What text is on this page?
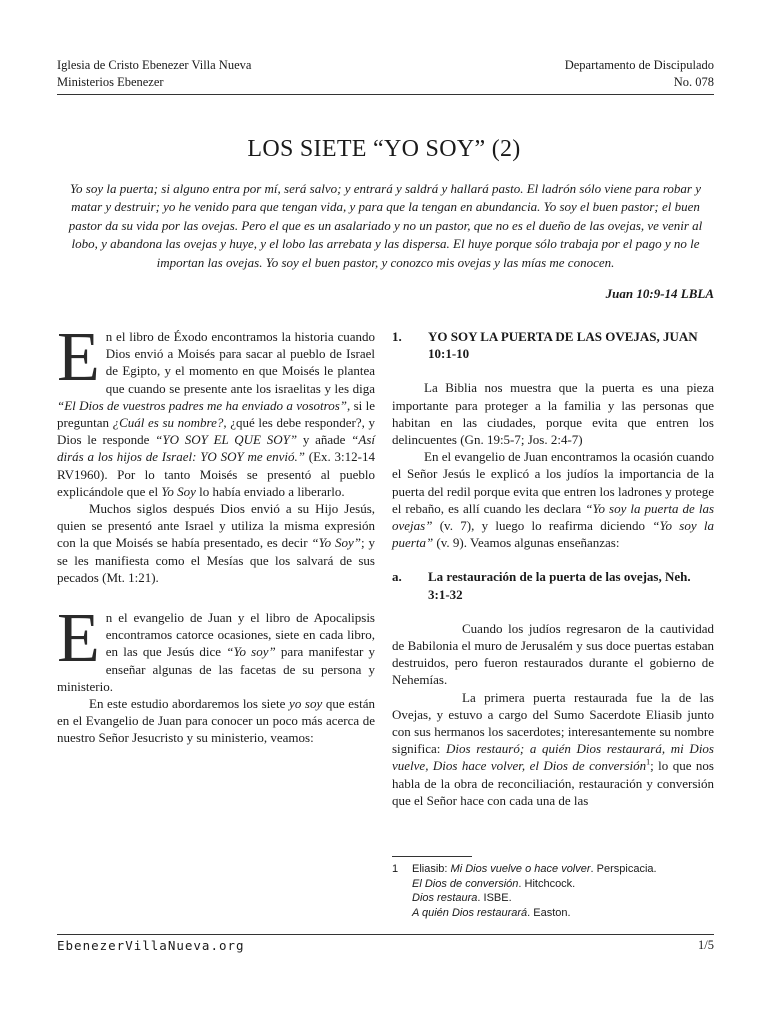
Iglesia de Cristo Ebenezer Villa Nueva
Ministerios Ebenezer
Departamento de Discipulado
No. 078
LOS SIETE “YO SOY” (2)
Yo soy la puerta; si alguno entra por mí, será salvo; y entrará y saldrá y hallará pasto. El ladrón sólo viene para robar y matar y destruir; yo he venido para que tengan vida, y para que la tengan en abundancia. Yo soy el buen pastor; el buen pastor da su vida por las ovejas. Pero el que es un asalariado y no un pastor, que no es el dueño de las ovejas, ve venir al lobo, y abandona las ovejas y huye, y el lobo las arrebata y las dispersa. El huye porque sólo trabaja por el pago y no le importan las ovejas. Yo soy el buen pastor, y conozco mis ovejas y las mías me conocen.
Juan 10:9-14 LBLA

En el libro de Éxodo encontramos la historia cuando Dios envió a Moisés para sacar al pueblo de Israel de Egipto, y el momento en que Moisés le plantea que cuando se presente ante los israelitas y les diga “El Dios de vuestros padres me ha enviado a vosotros”, si le preguntan ¿Cuál es su nombre?, ¿qué les debe responder?, y Dios le responde “YO SOY EL QUE SOY” y añade “Así dirás a los hijos de Israel: YO SOY me envió.” (Ex. 3:12-14 RV1960). Por lo tanto Moisés se presentó al pueblo explicándole que el Yo Soy lo había enviado a liberarlo.

Muchos siglos después Dios envió a su Hijo Jesús, quien se presentó ante Israel y utiliza la misma expresión con la que Moisés se había presentado, es decir “Yo Soy”; y se les manifiesta como el Mesías que los salvará de sus pecados (Mt. 1:21).

En el evangelio de Juan y el libro de Apocalipsis encontramos catorce ocasiones, siete en cada libro, en las que Jesús dice “Yo soy” para manifestar y enseñar algunas de las facetas de su persona y ministerio.

En este estudio abordaremos los siete yo soy que están en el Evangelio de Juan para conocer un poco más acerca de nuestro Señor Jesucristo y su ministerio, veamos:

1.	YO SOY LA PUERTA DE LAS OVEJAS, JUAN 10:1-10

La Biblia nos muestra que la puerta es una pieza importante para proteger a la familia y las personas que habitan en las ciudades, porque evita que entren los delincuentes (Gn. 19:5-7; Jos. 2:4-7)

En el evangelio de Juan encontramos la ocasión cuando el Señor Jesús le explicó a los judíos la importancia de la puerta del redil porque evita que entren los ladrones y protege el rebaño, es allí cuando les declara “Yo soy la puerta de las ovejas” (v. 7), y luego lo reafirma diciendo “Yo soy la puerta” (v. 9). Veamos algunas enseñanzas:

a.	La restauración de la puerta de las ovejas, Neh. 3:1-32

Cuando los judíos regresaron de la cautividad de Babilonia el muro de Jerusalém y sus doce puertas estaban destruidos, pero fueron restaurados durante el gobierno de Nehemías.

La primera puerta restaurada fue la de las Ovejas, y estuvo a cargo del Sumo Sacerdote Eliasib junto con sus hermanos los sacerdotes; interesantemente su nombre significa: Dios restauró; a quién Dios restaurará, mi Dios vuelve, Dios hace volver, el Dios de conversión$^1$; lo que nos habla de la obra de reconciliación, restauración y conversión que el Señor hace con cada una de las

1	Eliasib: Mi Dios vuelve o hace volver. Perspicacia.
El Dios de conversión. Hitchcock.
Dios restaura. ISBE.
A quién Dios restaurará. Easton.
EbenezerVillaNueva.org	1/5
